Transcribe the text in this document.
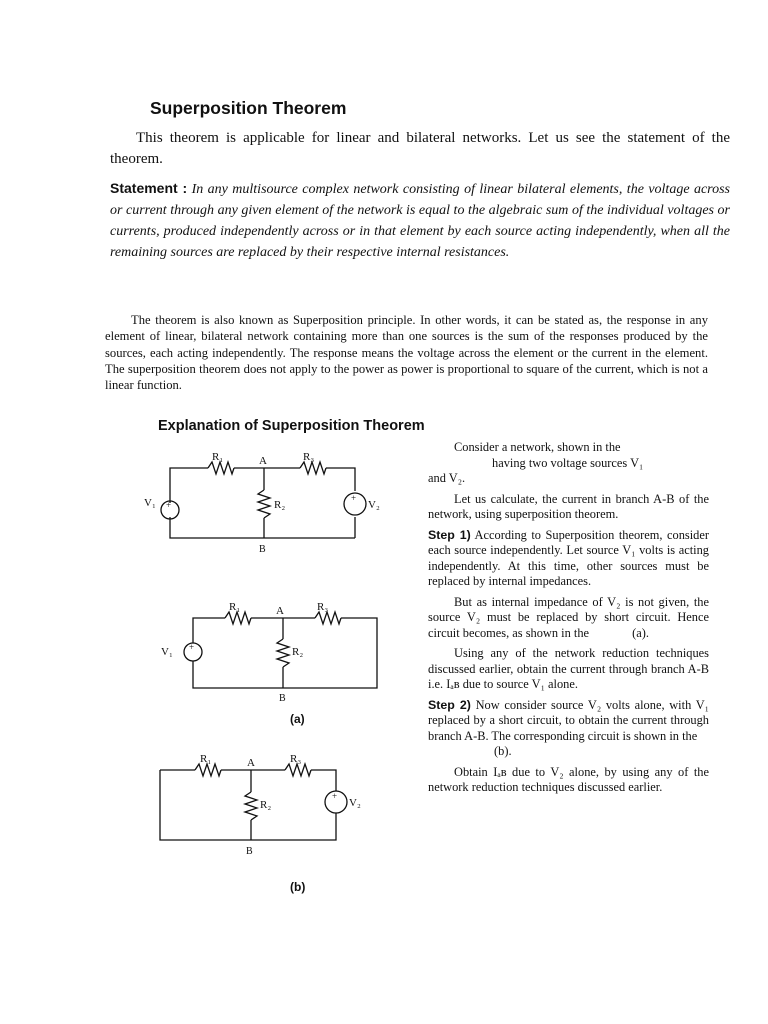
Superposition Theorem

This theorem is applicable for linear and bilateral networks. Let us see the statement of the theorem.

Statement : In any multisource complex network consisting of linear bilateral elements, the voltage across or current through any given element of the network is equal to the algebraic sum of the individual voltages or currents, produced independently across or in that element by each source acting independently, when all the remaining sources are replaced by their respective internal resistances.

The theorem is also known as Superposition principle. In other words, it can be stated as, the response in any element of linear, bilateral network containing more than one sources is the sum of the responses produced by the sources, each acting independently. The response means the voltage across the element or the current in the element. The superposition theorem does not apply to the power as power is proportional to square of the current, which is not a linear function.

Explanation of Superposition Theorem
+
+
R₁	R₃
A
R₂
B
V₁	V₂
+
R₁	R₃
A
R₂
B
V₁
(a)
+
R₁	R₃
A
R₂
B
V₂
(b)

Consider a network, shown in the

having two voltage sources V₁

and V₂.

Let us calculate, the current in branch A-B of the network, using superposition theorem.

Step 1) According to Superposition theorem, consider each source independently. Let source V₁ volts is acting independently. At this time, other sources must be replaced by internal impedances.

But as internal impedance of V₂ is not given, the source V₂ must be replaced by short circuit. Hence circuit becomes, as shown in the	(a).

Using any of the network reduction techniques discussed earlier, obtain the current through branch A-B i.e. Iₐʙ due to source V₁ alone.

Step 2) Now consider source V₂ volts alone, with V₁ replaced by a short circuit, to obtain the current through branch A-B. The corresponding circuit is shown in the
(b).

Obtain Iₐʙ due to V₂ alone, by using any of the network reduction techniques discussed earlier.
